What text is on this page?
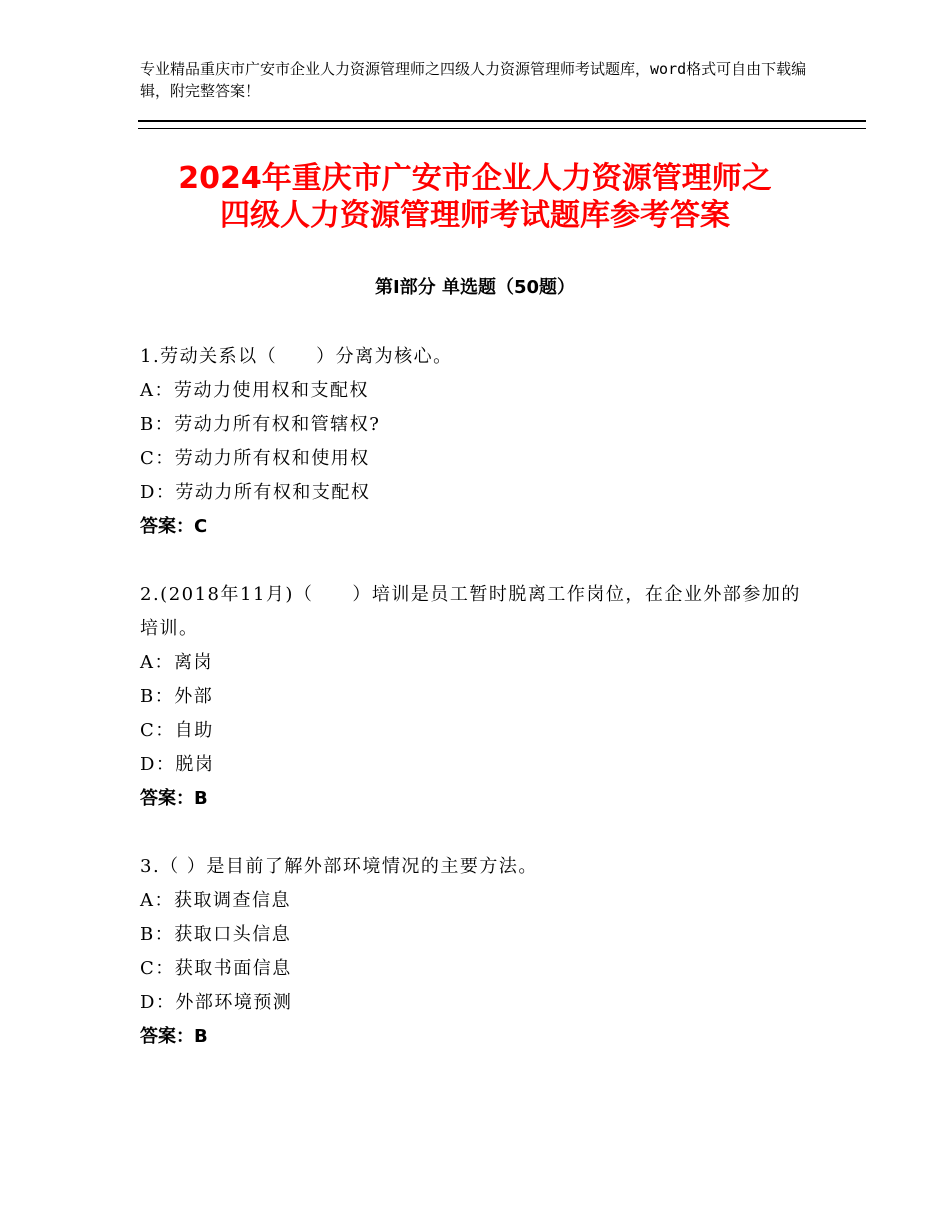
专业精品重庆市广安市企业人力资源管理师之四级人力资源管理师考试题库，word格式可自由下载编辑，附完整答案！
2024年重庆市广安市企业人力资源管理师之
四级人力资源管理师考试题库参考答案
第Ⅰ部分 单选题（50题）

1.劳动关系以（　　）分离为核心。

A：劳动力使用权和支配权

B：劳动力所有权和管辖权?

C：劳动力所有权和使用权

D：劳动力所有权和支配权

答案：C

2.(2018年11月)（　　）培训是员工暂时脱离工作岗位，在企业外部参加的培训。

A：离岗

B：外部

C：自助

D：脱岗

答案：B

3.（ ）是目前了解外部环境情况的主要方法。

A：获取调查信息

B：获取口头信息

C：获取书面信息

D：外部环境预测

答案：B
